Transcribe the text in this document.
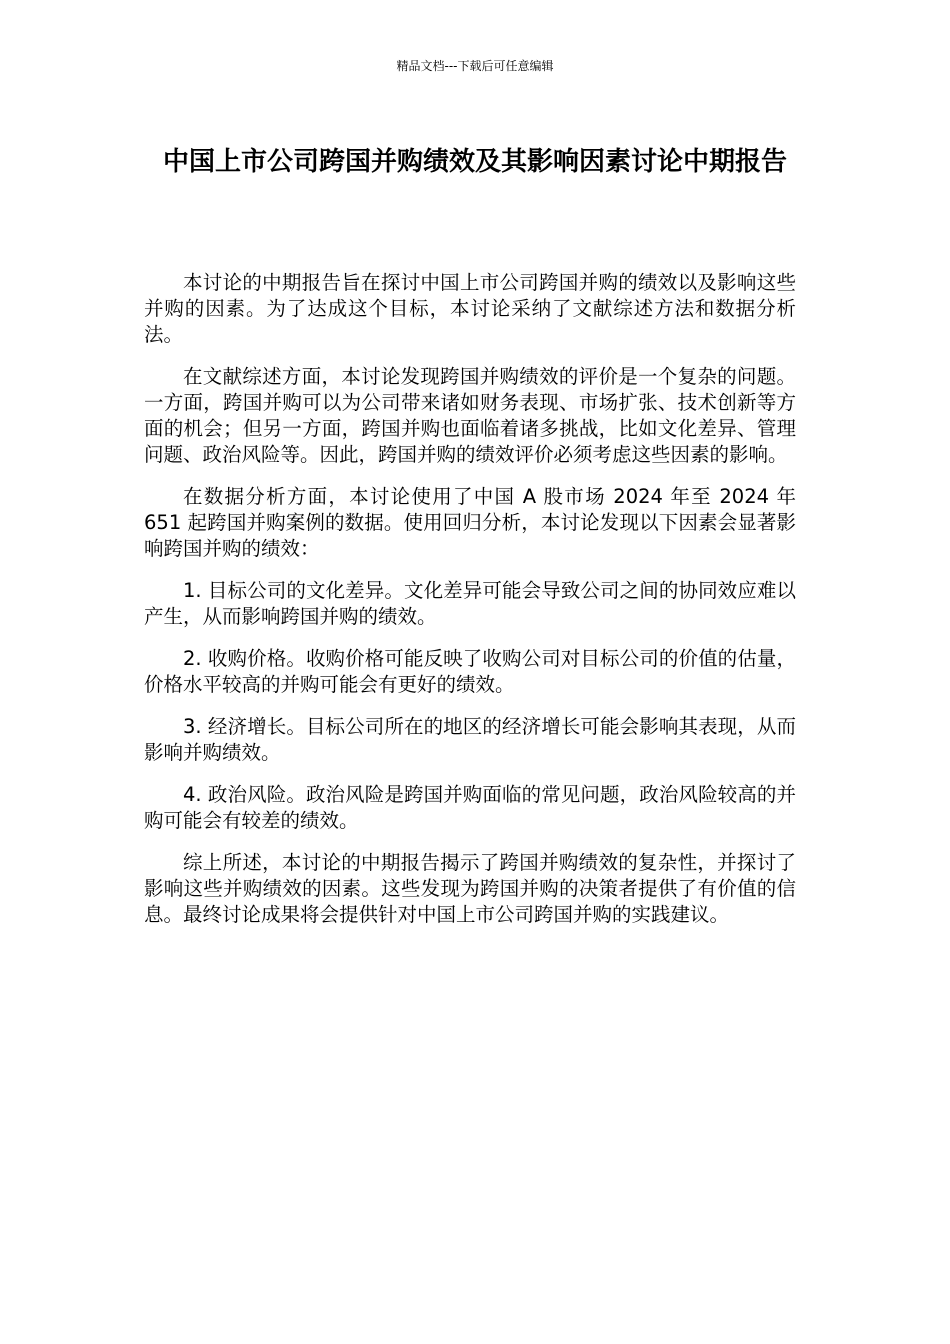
精品文档---下载后可任意编辑
中国上市公司跨国并购绩效及其影响因素讨论中期报告

本讨论的中期报告旨在探讨中国上市公司跨国并购的绩效以及影响这些并购的因素。为了达成这个目标，本讨论采纳了文献综述方法和数据分析法。

在文献综述方面，本讨论发现跨国并购绩效的评价是一个复杂的问题。一方面，跨国并购可以为公司带来诸如财务表现、市场扩张、技术创新等方面的机会；但另一方面，跨国并购也面临着诸多挑战，比如文化差异、管理问题、政治风险等。因此，跨国并购的绩效评价必须考虑这些因素的影响。

在数据分析方面，本讨论使用了中国 A 股市场 2024 年至 2024 年 651 起跨国并购案例的数据。使用回归分析，本讨论发现以下因素会显著影响跨国并购的绩效：

1. 目标公司的文化差异。文化差异可能会导致公司之间的协同效应难以产生，从而影响跨国并购的绩效。

2. 收购价格。收购价格可能反映了收购公司对目标公司的价值的估量，价格水平较高的并购可能会有更好的绩效。

3. 经济增长。目标公司所在的地区的经济增长可能会影响其表现，从而影响并购绩效。

4. 政治风险。政治风险是跨国并购面临的常见问题，政治风险较高的并购可能会有较差的绩效。

综上所述，本讨论的中期报告揭示了跨国并购绩效的复杂性，并探讨了影响这些并购绩效的因素。这些发现为跨国并购的决策者提供了有价值的信息。最终讨论成果将会提供针对中国上市公司跨国并购的实践建议。
